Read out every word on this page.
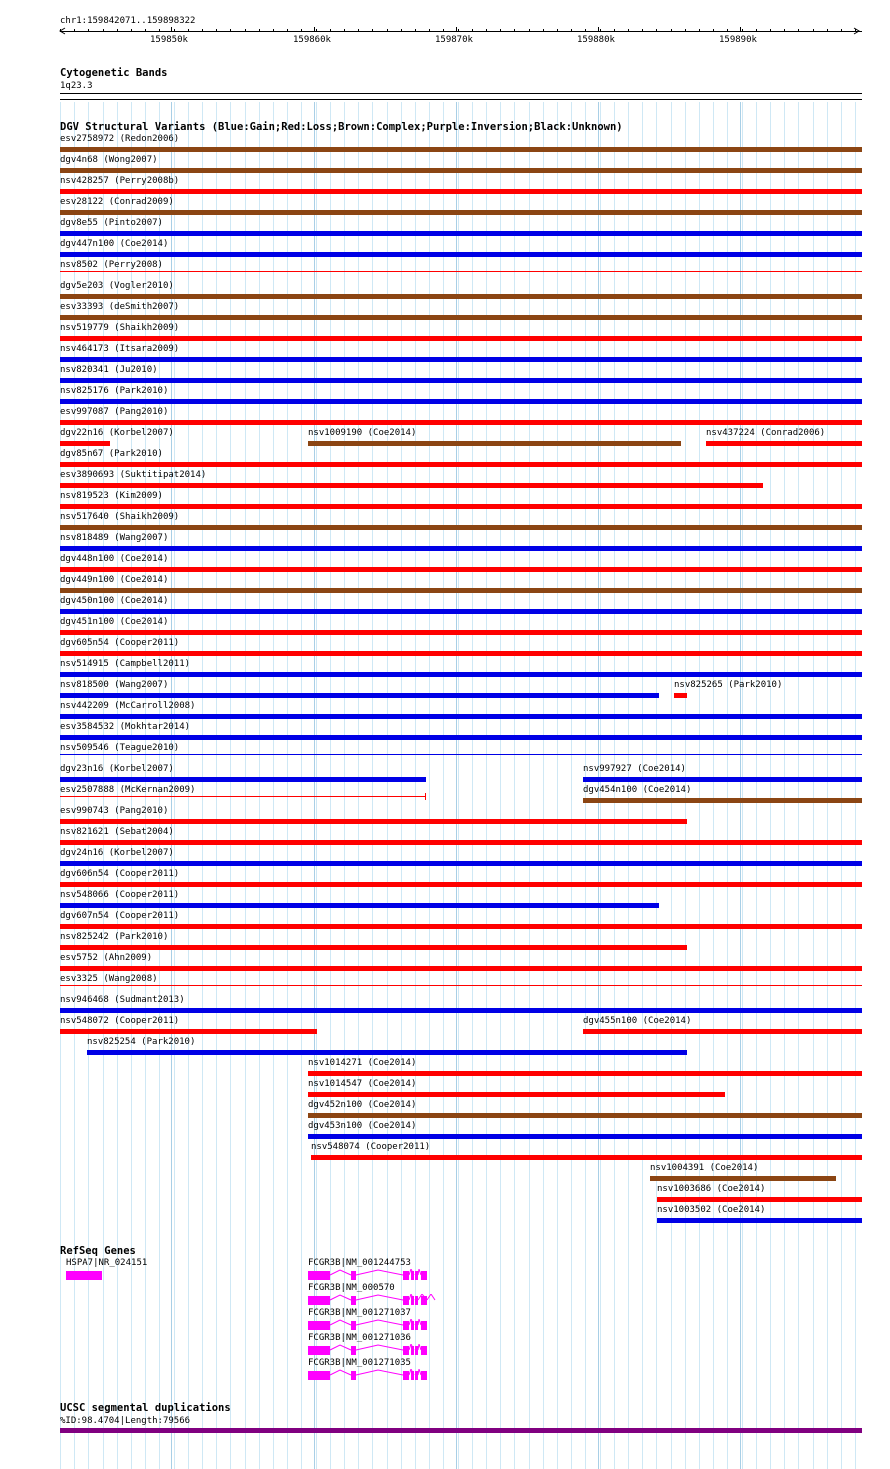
chr1:159842071..159898322
159850k	159860k	159870k	159880k	159890k
Cytogenetic Bands
1q23.3
DGV Structural Variants (Blue:Gain;Red:Loss;Brown:Complex;Purple:Inversion;Black:Unknown)
esv2758972 (Redon2006)
dgv4n68 (Wong2007)
nsv428257 (Perry2008b)
esv28122 (Conrad2009)
dgv8e55 (Pinto2007)
dgv447n100 (Coe2014)
nsv8502 (Perry2008)
dgv5e203 (Vogler2010)
esv33393 (deSmith2007)
nsv519779 (Shaikh2009)
nsv464173 (Itsara2009)
nsv820341 (Ju2010)
nsv825176 (Park2010)
esv997087 (Pang2010)
dgv22n16 (Korbel2007)	nsv1009190 (Coe2014)	nsv437224 (Conrad2006)
dgv85n67 (Park2010)
esv3890693 (Suktitipat2014)
nsv819523 (Kim2009)
nsv517640 (Shaikh2009)
nsv818489 (Wang2007)
dgv448n100 (Coe2014)
dgv449n100 (Coe2014)
dgv450n100 (Coe2014)
dgv451n100 (Coe2014)
dgv605n54 (Cooper2011)
nsv514915 (Campbell2011)
nsv818500 (Wang2007)	nsv825265 (Park2010)
nsv442209 (McCarroll2008)
esv3584532 (Mokhtar2014)
nsv509546 (Teague2010)
dgv23n16 (Korbel2007)	nsv997927 (Coe2014)
esv2507888 (McKernan2009)	dgv454n100 (Coe2014)
esv990743 (Pang2010)
nsv821621 (Sebat2004)
dgv24n16 (Korbel2007)
dgv606n54 (Cooper2011)
nsv548066 (Cooper2011)
dgv607n54 (Cooper2011)
nsv825242 (Park2010)
esv5752 (Ahn2009)
esv3325 (Wang2008)
nsv946468 (Sudmant2013)
nsv548072 (Cooper2011)	dgv455n100 (Coe2014)
nsv825254 (Park2010)
nsv1014271 (Coe2014)
nsv1014547 (Coe2014)
dgv452n100 (Coe2014)
dgv453n100 (Coe2014)
nsv548074 (Cooper2011)
nsv1004391 (Coe2014)
nsv1003686 (Coe2014)
nsv1003502 (Coe2014)
RefSeq Genes
HSPA7|NR_024151	FCGR3B|NM_001244753
FCGR3B|NM_000570
FCGR3B|NM_001271037
FCGR3B|NM_001271036
FCGR3B|NM_001271035
UCSC segmental duplications
%ID:98.4704|Length:79566
